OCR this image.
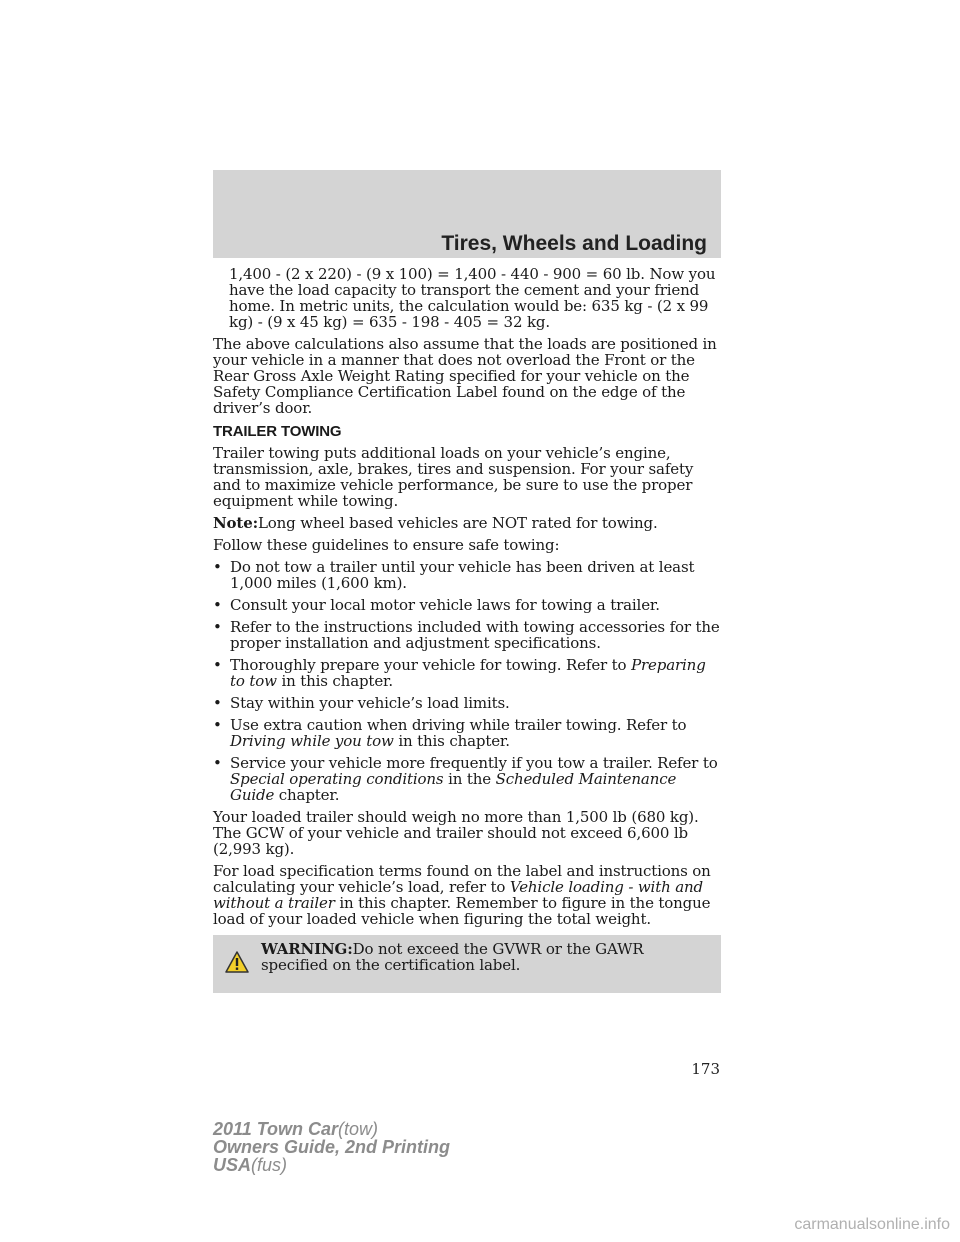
Tires, Wheels and Loading

1,400 - (2 x 220) - (9 x 100) = 1,400 - 440 - 900 = 60 lb. Now you have the load capacity to transport the cement and your friend home. In metric units, the calculation would be: 635 kg - (2 x 99 kg) - (9 x 45 kg) = 635 - 198 - 405 = 32 kg.

The above calculations also assume that the loads are positioned in your vehicle in a manner that does not overload the Front or the Rear Gross Axle Weight Rating specified for your vehicle on the Safety Compliance Certification Label found on the edge of the driver’s door.

TRAILER TOWING

Trailer towing puts additional loads on your vehicle’s engine, transmission, axle, brakes, tires and suspension. For your safety and to maximize vehicle performance, be sure to use the proper equipment while towing.

Note:Long wheel based vehicles are NOT rated for towing.

Follow these guidelines to ensure safe towing:

• Do not tow a trailer until your vehicle has been driven at least 1,000 miles (1,600 km).
• Consult your local motor vehicle laws for towing a trailer.
• Refer to the instructions included with towing accessories for the proper installation and adjustment specifications.
• Thoroughly prepare your vehicle for towing. Refer to Preparing to tow in this chapter.
• Stay within your vehicle’s load limits.
• Use extra caution when driving while trailer towing. Refer to Driving while you tow in this chapter.
• Service your vehicle more frequently if you tow a trailer. Refer to Special operating conditions in the Scheduled Maintenance Guide chapter.

Your loaded trailer should weigh no more than 1,500 lb (680 kg). The GCW of your vehicle and trailer should not exceed 6,600 lb (2,993 kg).

For load specification terms found on the label and instructions on calculating your vehicle’s load, refer to Vehicle loading - with and without a trailer in this chapter. Remember to figure in the tongue load of your loaded vehicle when figuring the total weight.

WARNING:Do not exceed the GVWR or the GAWR specified on the certification label.
173
2011 Town Car(tow)
Owners Guide, 2nd Printing
USA(fus)
carmanualsonline.info
